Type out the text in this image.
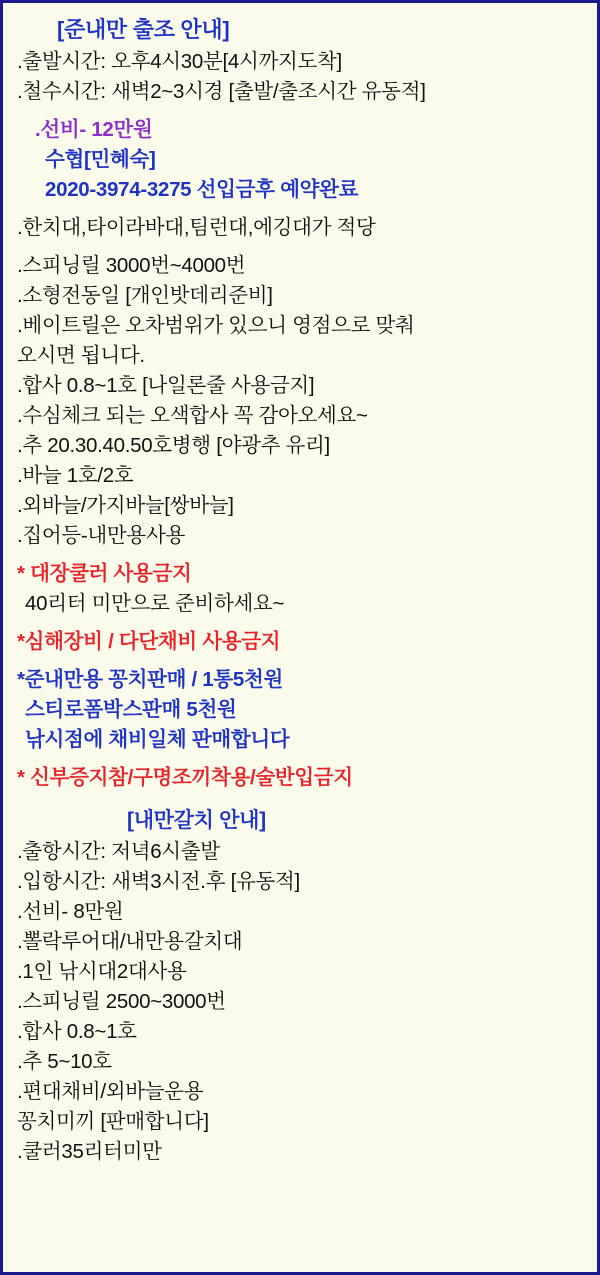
[준내만 출조 안내]
.출발시간: 오후4시30분[4시까지도착]
.철수시간: 새벽2~3시경 [출발/출조시간 유동적]
.선비- 12만원
수협[민혜숙]
2020-3974-3275 선입금후 예약완료
.한치대,타이라바대,팀런대,에깅대가 적당
.스피닝릴 3000번~4000번
.소형전동일 [개인밧데리준비]
.베이트릴은 오차범위가 있으니 영점으로 맞춰
오시면 됩니다.
.합사 0.8~1호 [나일론줄 사용금지]
.수심체크 되는 오색합사 꼭 감아오세요~
.추 20.30.40.50호병행 [야광추 유리]
.바늘 1호/2호
.외바늘/가지바늘[쌍바늘]
.집어등-내만용사용
* 대장쿨러 사용금지
40리터 미만으로 준비하세요~
*심해장비 / 다단채비 사용금지
*준내만용 꽁치판매 / 1통5천원
스티로폼박스판매 5천원
낚시점에 채비일체 판매합니다
* 신부증지참/구명조끼착용/술반입금지
[내만갈치 안내]
.출항시간: 저녁6시출발
.입항시간: 새벽3시전.후 [유동적]
.선비- 8만원
.뽈락루어대/내만용갈치대
.1인 낚시대2대사용
.스피닝릴 2500~3000번
.합사 0.8~1호
.추 5~10호
.편대채비/외바늘운용
꽁치미끼 [판매합니다]
.쿨러35리터미만
